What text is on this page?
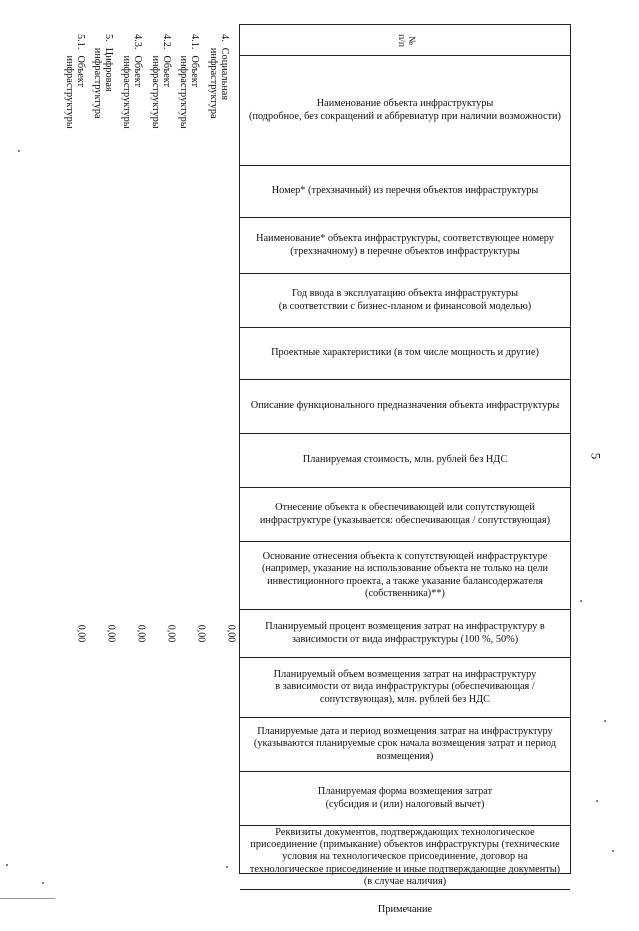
5
№
п/п
Наименование объекта инфраструктуры
(подробное, без сокращений и аббревиатур при наличии возможности)
Номер* (трехзначный) из перечня объектов инфраструктуры
Наименование* объекта инфраструктуры, соответствующее номеру
(трехзначному) в перечне объектов инфраструктуры
Год ввода в эксплуатацию объекта инфраструктуры
(в соответствии с бизнес-планом и финансовой моделью)
Проектные характеристики (в том числе мощность и другие)
Описание функционального предназначения объекта инфраструктуры
Планируемая стоимость, млн. рублей без НДС
Отнесение объекта к обеспечивающей или сопутствующей
инфраструктуре (указывается: обеспечивающая / сопутствующая)
Основание отнесения объекта к сопутствующей инфраструктуре
(например, указание на использование объекта не только на цели
инвестиционного проекта, а также указание балансодержателя
(собственника)**)
Планируемый процент возмещения затрат на инфраструктуру в
зависимости от вида инфраструктуры (100 %, 50%)
Планируемый объем возмещения затрат на инфраструктуру
в зависимости от вида инфраструктуры (обеспечивающая /
сопутствующая), млн. рублей без НДС
Планируемые дата и период возмещения затрат на инфраструктуру
(указываются планируемые срок начала возмещения затрат и период
возмещения)
Планируемая форма возмещения затрат
(субсидия и (или) налоговый вычет)
Реквизиты документов, подтверждающих технологическое
присоединение (примыкание) объектов инфраструктуры (технические
условия на технологическое присоединение, договор на
технологическое присоединение и иные подтверждающие документы)
(в случае наличия)
Примечание
4.
Социальная
инфраструктура
0,00
4.1.
Объект
инфраструктуры
0,00
4.2.
Объект
инфраструктуры
0,00
4.3.
Объект
инфраструктуры
0,00
5.
Цифровая
инфраструктура
0,00
5.1.
Объект
инфраструктуры
0,00
